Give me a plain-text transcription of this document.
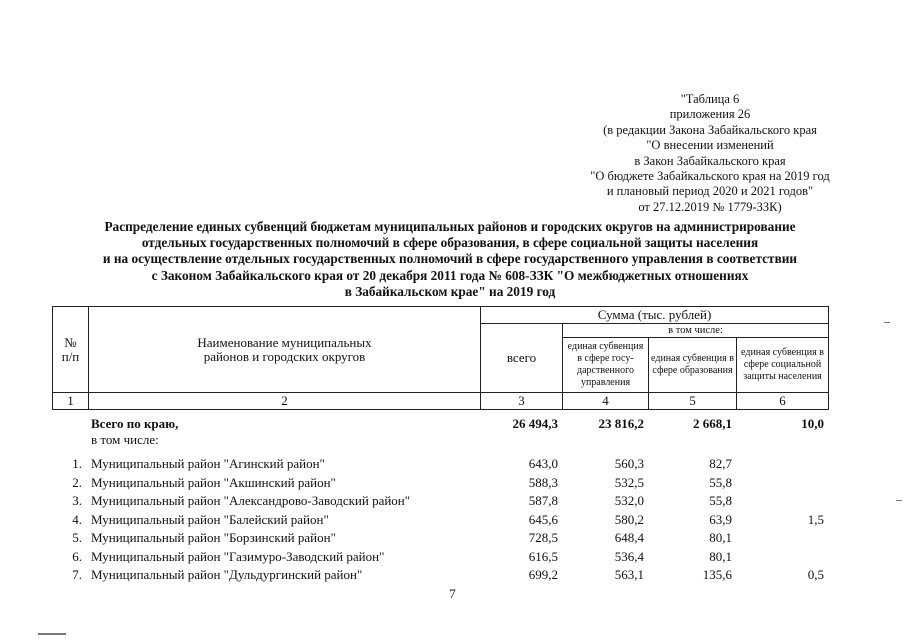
"Таблица 6
приложения 26
(в редакции Закона Забайкальского края
"О внесении изменений
в Закон Забайкальского края
"О бюджете Забайкальского края на 2019 год
и плановый период 2020 и 2021 годов"
от 27.12.2019 № 1779-ЗЗК)
Распределение единых субвенций бюджетам муниципальных районов и городских округов на администрирование
отдельных государственных полномочий в сфере образования, в сфере социальной защиты населения
и на осуществление отдельных государственных полномочий в сфере государственного управления в соответствии
с Законом Забайкальского края от 20 декабря 2011 года № 608-ЗЗК "О межбюджетных отношениях
в Забайкальском крае" на 2019 год
№ п/п	Наименование муниципальных районов и городских округов	Сумма (тыс. рублей)			
		всего	в том числе:		
			единая субвенция в сфере госу-дарственного управления	единая субвенция в сфере образования	единая субвенция в сфере социальной защиты населения
1	2	3	4	5	6
	Всего по краю,	26 494,3	23 816,2	2 668,1	10,0
	в том числе:				
1.	Муниципальный район "Агинский район"	643,0	560,3	82,7	
2.	Муниципальный район "Акшинский район"	588,3	532,5	55,8	
3.	Муниципальный район "Александрово-Заводский район"	587,8	532,0	55,8	
4.	Муниципальный район "Балейский район"	645,6	580,2	63,9	1,5
5.	Муниципальный район "Борзинский район"	728,5	648,4	80,1	
6.	Муниципальный район "Газимуро-Заводский район"	616,5	536,4	80,1	
7.	Муниципальный район "Дульдургинский район"	699,2	563,1	135,6	0,5
7
